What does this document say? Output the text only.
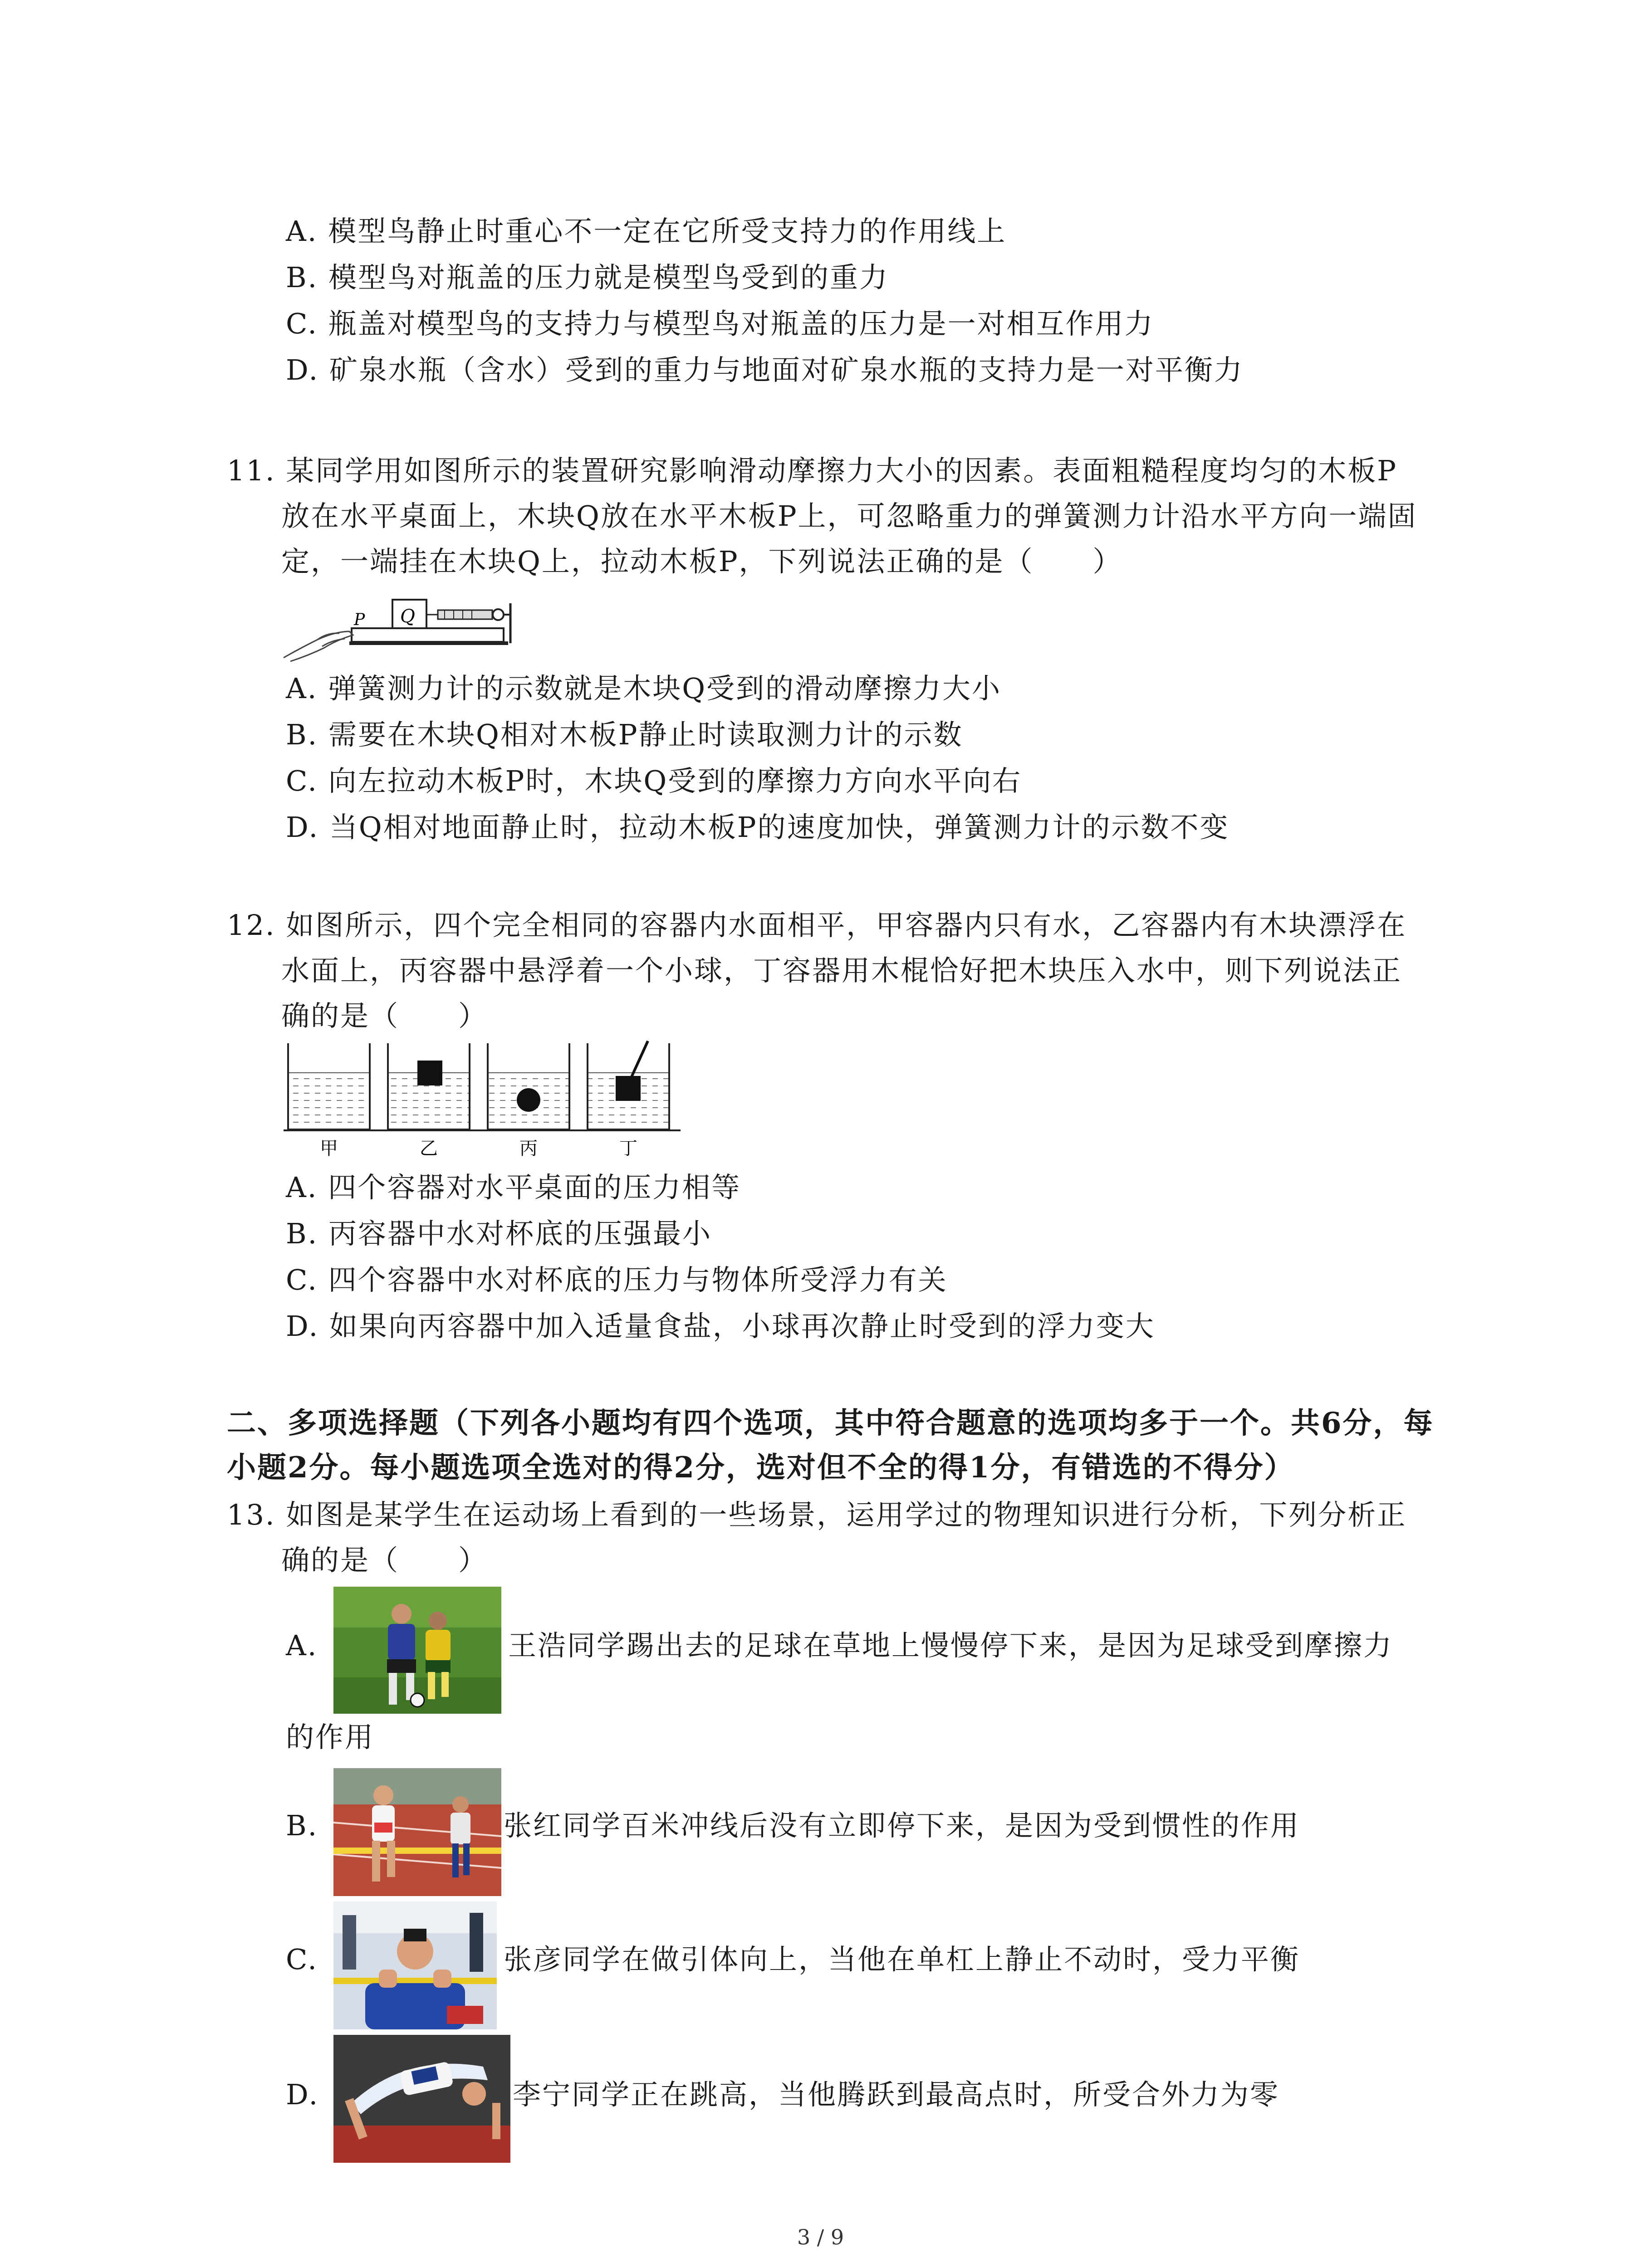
A. 模型鸟静止时重心不一定在它所受支持力的作用线上
B. 模型鸟对瓶盖的压力就是模型鸟受到的重力
C. 瓶盖对模型鸟的支持力与模型鸟对瓶盖的压力是一对相互作用力
D. 矿泉水瓶（含水）受到的重力与地面对矿泉水瓶的支持力是一对平衡力
11. 某同学用如图所示的装置研究影响滑动摩擦力大小的因素。表面粗糙程度均匀的木板P
放在水平桌面上，木块Q放在水平木板P上，可忽略重力的弹簧测力计沿水平方向一端固
定，一端挂在木块Q上，拉动木板P，下列说法正确的是（　　）
Q
P
A. 弹簧测力计的示数就是木块Q受到的滑动摩擦力大小
B. 需要在木块Q相对木板P静止时读取测力计的示数
C. 向左拉动木板P时，木块Q受到的摩擦力方向水平向右
D. 当Q相对地面静止时，拉动木板P的速度加快，弹簧测力计的示数不变
12. 如图所示，四个完全相同的容器内水面相平，甲容器内只有水，乙容器内有木块漂浮在
水面上，丙容器中悬浮着一个小球，丁容器用木棍恰好把木块压入水中，则下列说法正
确的是（　　）
甲	乙	丙	丁
A. 四个容器对水平桌面的压力相等
B. 丙容器中水对杯底的压强最小
C. 四个容器中水对杯底的压力与物体所受浮力有关
D. 如果向丙容器中加入适量食盐，小球再次静止时受到的浮力变大
二、多项选择题（下列各小题均有四个选项，其中符合题意的选项均多于一个。共6分，每
小题2分。每小题选项全选对的得2分，选对但不全的得1分，有错选的不得分）
13. 如图是某学生在运动场上看到的一些场景，运用学过的物理知识进行分析，下列分析正
确的是（　　）
A.	王浩同学踢出去的足球在草地上慢慢停下来，是因为足球受到摩擦力
的作用
B.	张红同学百米冲线后没有立即停下来，是因为受到惯性的作用
C.	张彦同学在做引体向上，当他在单杠上静止不动时，受力平衡
D.	李宁同学正在跳高，当他腾跃到最高点时，所受合外力为零
3 / 9
